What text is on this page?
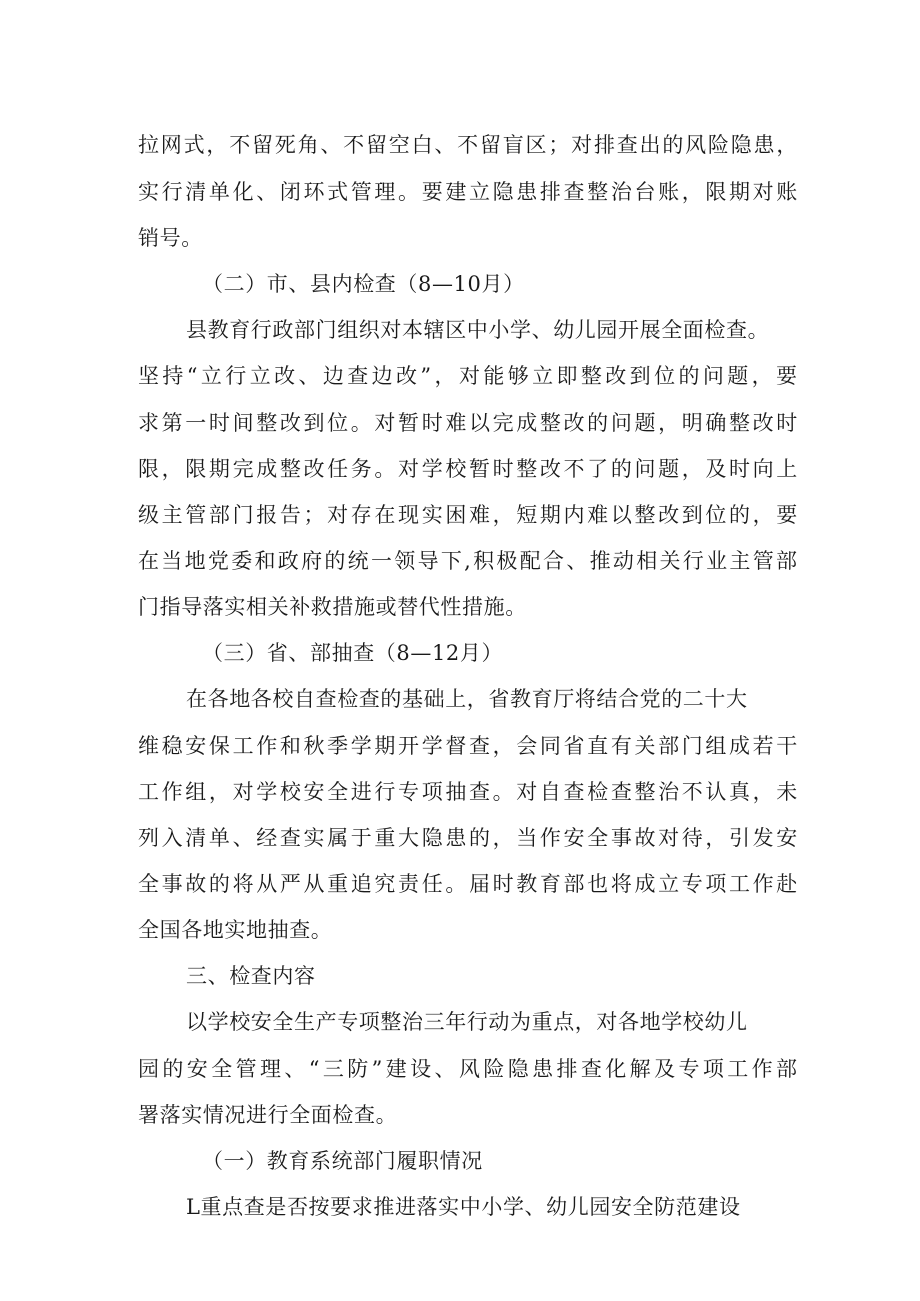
拉 网 式 ， 不 留 死 角 、 不 留 空 白 、 不 留 盲 区 ； 对 排 查 出 的 风 险 隐 患 ，
实 行 清 单 化 、 闭 环 式 管 理 。 要 建 立 隐 患 排 查 整 治 台 账 ， 限 期 对 账
销号。
（二）市、县内检查（8—10月）
县教育行政部门组织对本辖区中小学、幼儿园开展全面检查。
坚 持 “ 立 行 立 改 、 边 查 边 改 ” ， 对 能 够 立 即 整 改 到 位 的 问 题 ， 要
求 第 一 时 间 整 改 到 位 。 对 暂 时 难 以 完 成 整 改 的 问 题 ， 明 确 整 改 时
限 ， 限 期 完 成 整 改 任 务 。 对 学 校 暂 时 整 改 不 了 的 问 题 ， 及 时 向 上
级 主 管 部 门 报 告 ； 对 存 在 现 实 困 难 ， 短 期 内 难 以 整 改 到 位 的 ， 要
在 当 地 党 委 和 政 府 的 统 一 领 导 下 , 积 极 配 合 、 推 动 相 关 行 业 主 管 部
门指导落实相关补救措施或替代性措施。
（三）省、部抽查（8—12月）
在各地各校自查检查的基础上，省教育厅将结合党的二十大
维 稳 安 保 工 作 和 秋 季 学 期 开 学 督 查 ， 会 同 省 直 有 关 部 门 组 成 若 干
工 作 组 ， 对 学 校 安 全 进 行 专 项 抽 查 。 对 自 查 检 查 整 治 不 认 真 ， 未
列 入 清 单 、 经 查 实 属 于 重 大 隐 患 的 ， 当 作 安 全 事 故 对 待 ， 引 发 安
全 事 故 的 将 从 严 从 重 追 究 责 任 。 届 时 教 育 部 也 将 成 立 专 项 工 作 赴
全国各地实地抽查。
三、检查内容
以学校安全生产专项整治三年行动为重点，对各地学校幼儿
园 的 安 全 管 理 、 “ 三 防 ” 建 设 、 风 险 隐 患 排 查 化 解 及 专 项 工 作 部
署落实情况进行全面检查。
（一）教育系统部门履职情况
L重点查是否按要求推进落实中小学、幼儿园安全防范建设
